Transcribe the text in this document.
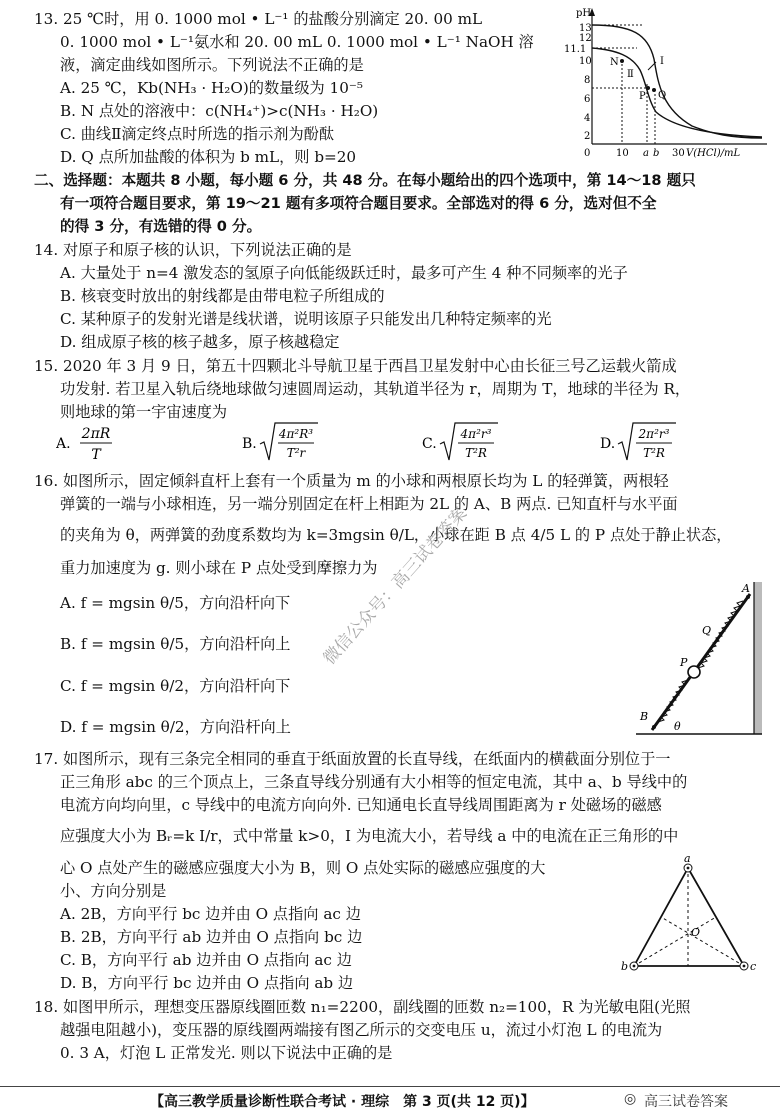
13. 25 ℃时，用 0. 1000 mol • L⁻¹ 的盐酸分别滴定 20. 00 mL
0. 1000 mol • L⁻¹氨水和 20. 00 mL 0. 1000 mol • L⁻¹ NaOH 溶
液，滴定曲线如图所示。下列说法不正确的是
A. 25 ℃，Kb(NH₃ · H₂O)的数量级为 10⁻⁵
B. N 点处的溶液中：c(NH₄⁺)>c(NH₃ · H₂O)
C. 曲线Ⅱ滴定终点时所选的指示剂为酚酞
D. Q 点所加盐酸的体积为 b mL，则 b=20
pH
13
12
11.1
10
8
6
4
2
0
N
Ⅱ
Ⅰ
P Q
10 a b 30 V(HCl)/mL
二、选择题：本题共 8 小题，每小题 6 分，共 48 分。在每小题给出的四个选项中，第 14～18 题只
有一项符合题目要求，第 19～21 题有多项符合题目要求。全部选对的得 6 分，选对但不全
的得 3 分，有选错的得 0 分。
14. 对原子和原子核的认识，下列说法正确的是
A. 大量处于 n=4 激发态的氢原子向低能级跃迁时，最多可产生 4 种不同频率的光子
B. 核衰变时放出的射线都是由带电粒子所组成的
C. 某种原子的发射光谱是线状谱，说明该原子只能发出几种特定频率的光
D. 组成原子核的核子越多，原子核越稳定
15. 2020 年 3 月 9 日，第五十四颗北斗导航卫星于西昌卫星发射中心由长征三号乙运载火箭成
功发射. 若卫星入轨后绕地球做匀速圆周运动，其轨道半径为 r，周期为 T，地球的半径为 R，
则地球的第一宇宙速度为
A.
2πR
T
B.
4π²R³
T²r
C.
4π²r³
T²R
D.
2π²r³
T²R
16. 如图所示，固定倾斜直杆上套有一个质量为 m 的小球和两根原长均为 L 的轻弹簧，两根轻
弹簧的一端与小球相连，另一端分别固定在杆上相距为 2L 的 A、B 两点. 已知直杆与水平面
的夹角为 θ，两弹簧的劲度系数均为 k=3mgsin θ/L，小球在距 B 点 4/5 L 的 P 点处于静止状态，
重力加速度为 g. 则小球在 P 点处受到摩擦力为
A. f = mgsin θ/5，方向沿杆向下
B. f = mgsin θ/5，方向沿杆向上
C. f = mgsin θ/2，方向沿杆向下
D. f = mgsin θ/2，方向沿杆向上
A
Q
P
B
θ
17. 如图所示，现有三条完全相同的垂直于纸面放置的长直导线，在纸面内的横截面分别位于一
正三角形 abc 的三个顶点上，三条直导线分别通有大小相等的恒定电流，其中 a、b 导线中的
电流方向均向里，c 导线中的电流方向向外. 已知通电长直导线周围距离为 r 处磁场的磁感
应强度大小为 Bᵣ=k I/r，式中常量 k>0，I 为电流大小，若导线 a 中的电流在正三角形的中
心 O 点处产生的磁感应强度大小为 B，则 O 点处实际的磁感应强度的大
小、方向分别是
A. 2B，方向平行 bc 边并由 O 点指向 ac 边
B. 2B，方向平行 ab 边并由 O 点指向 bc 边
C. B，方向平行 ab 边并由 O 点指向 ac 边
D. B，方向平行 bc 边并由 O 点指向 ab 边
a
O
b	c
18. 如图甲所示，理想变压器原线圈匝数 n₁=2200，副线圈的匝数 n₂=100，R 为光敏电阻(光照
越强电阻越小)，变压器的原线圈两端接有图乙所示的交变电压 u，流过小灯泡 L 的电流为
0. 3 A，灯泡 L 正常发光. 则以下说法中正确的是
微信公众号：高三试卷答案
【高三教学质量诊断性联合考试 · 理综　第 3 页(共 12 页)】	◎ 高三试卷答案
